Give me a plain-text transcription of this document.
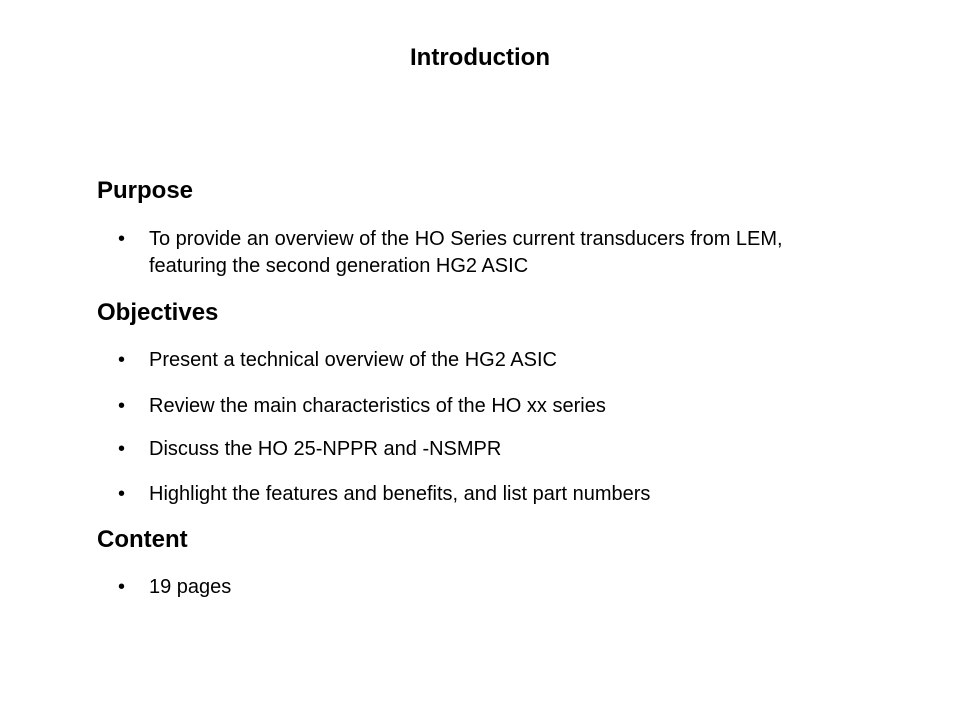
Introduction
Purpose
•	To provide an overview of the HO Series current transducers from LEM, featuring the second generation HG2 ASIC
Objectives
•	Present a technical overview of the HG2 ASIC
•	Review the main characteristics of the HO xx series
•	Discuss the HO 25-NPPR and -NSMPR
•	Highlight the features and benefits, and list part numbers
Content
•	19 pages
